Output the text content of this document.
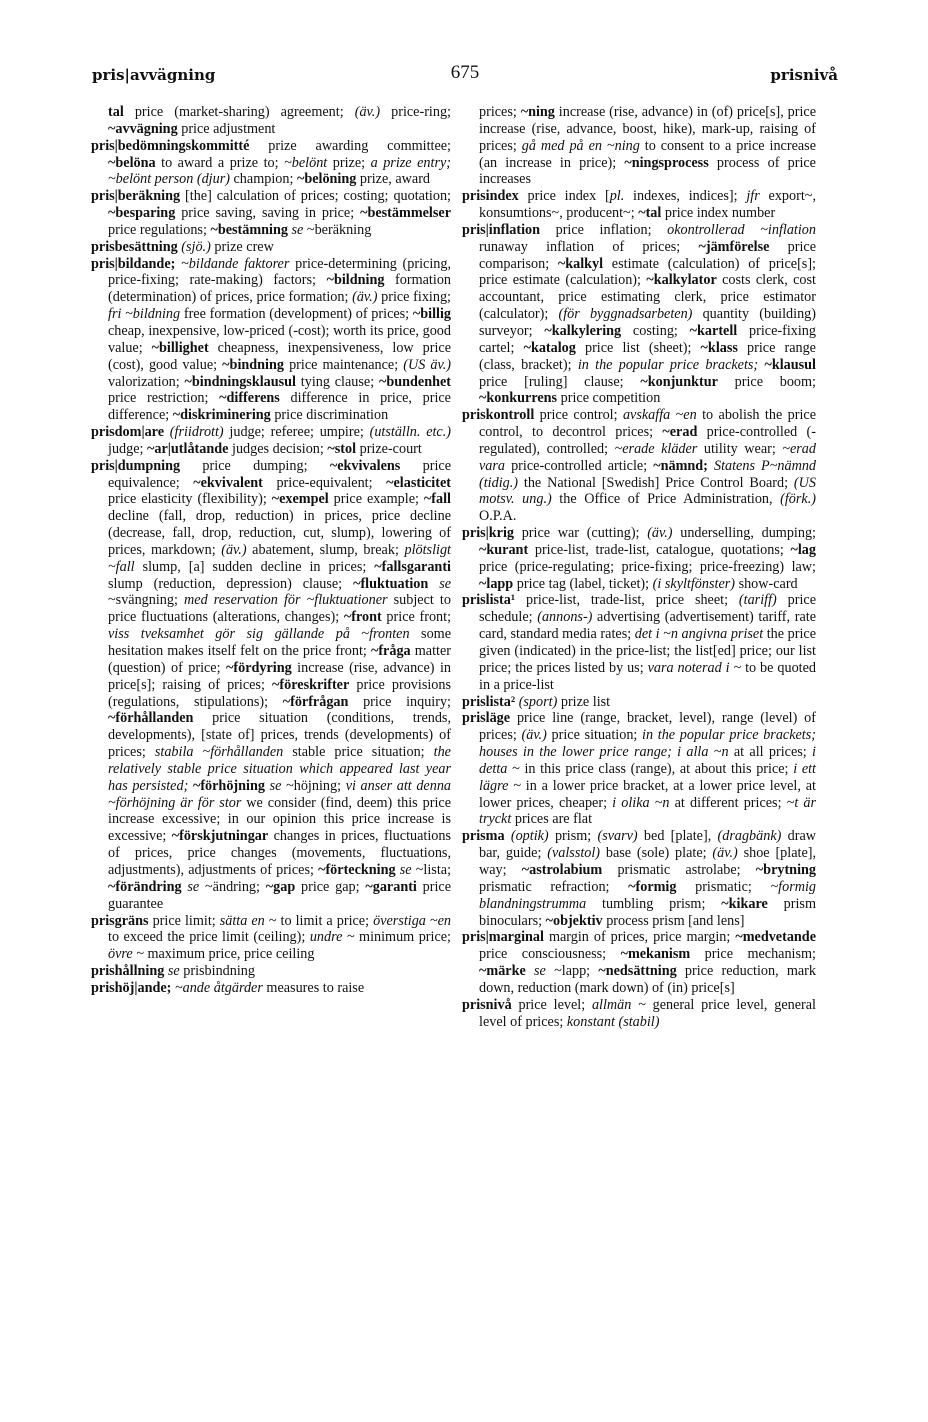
pris|avvägning	675	prisnivå

tal price (market-sharing) agreement; (äv.) price-ring; ~avvägning price adjustment

pris|bedömningskommitté prize awarding committee; ~belöna to award a prize to; ~belönt prize; a prize entry; ~belönt person (djur) champion; ~belöning prize, award

pris|beräkning [the] calculation of prices; costing; quotation; ~besparing price saving, saving in price; ~bestämmelser price regulations; ~bestämning se ~beräkning

prisbesättning (sjö.) prize crew

pris|bildande; ~bildande faktorer price-determining (pricing, price-fixing; rate-making) factors; ~bildning formation (determination) of prices, price formation; (äv.) price fixing; fri ~bildning free formation (development) of prices; ~billig cheap, inexpensive, low-priced (-cost); worth its price, good value; ~billighet cheapness, inexpensiveness, low price (cost), good value; ~bindning price maintenance; (US äv.) valorization; ~bindningsklausul tying clause; ~bundenhet price restriction; ~differens difference in price, price difference; ~diskriminering price discrimination

prisdom|are (friidrott) judge; referee; umpire; (utställn. etc.) judge; ~ar|utlåtande judges decision; ~stol prize-court

pris|dumpning price dumping; ~ekvivalens price equivalence; ~ekvivalent price-equivalent; ~elasticitet price elasticity (flexibility); ~exempel price example; ~fall decline (fall, drop, reduction) in prices, price decline (decrease, fall, drop, reduction, cut, slump), lowering of prices, markdown; (äv.) abatement, slump, break; plötsligt ~fall slump, [a] sudden decline in prices; ~fallsgaranti slump (reduction, depression) clause; ~fluktuation se ~svängning; med reservation för ~fluktuationer subject to price fluctuations (alterations, changes); ~front price front; viss tveksamhet gör sig gällande på ~fronten some hesitation makes itself felt on the price front; ~fråga matter (question) of price; ~fördyring increase (rise, advance) in price[s]; raising of prices; ~föreskrifter price provisions (regulations, stipulations); ~förfrågan price inquiry; ~förhållanden price situation (conditions, trends, developments), [state of] prices, trends (developments) of prices; stabila ~förhållanden stable price situation; the relatively stable price situation which appeared last year has persisted; ~förhöjning se ~höjning; vi anser att denna ~förhöjning är för stor we consider (find, deem) this price increase excessive; in our opinion this price increase is excessive; ~förskjutningar changes in prices, fluctuations of prices, price changes (movements, fluctuations, adjustments), adjustments of prices; ~förteckning se ~lista; ~förändring se ~ändring; ~gap price gap; ~garanti price guarantee

prisgräns price limit; sätta en ~ to limit a price; överstiga ~en to exceed the price limit (ceiling); undre ~ minimum price; övre ~ maximum price, price ceiling

prishållning se prisbindning

prishöj|ande; ~ande åtgärder measures to raise

prices; ~ning increase (rise, advance) in (of) price[s], price increase (rise, advance, boost, hike), mark-up, raising of prices; gå med på en ~ning to consent to a price increase (an increase in price); ~ningsprocess process of price increases

prisindex price index [pl. indexes, indices]; jfr export~, konsumtions~, producent~; ~tal price index number

pris|inflation price inflation; okontrollerad ~inflation runaway inflation of prices; ~jämförelse price comparison; ~kalkyl estimate (calculation) of price[s]; price estimate (calculation); ~kalkylator costs clerk, cost accountant, price estimating clerk, price estimator (calculator); (för byggnadsarbeten) quantity (building) surveyor; ~kalkylering costing; ~kartell price-fixing cartel; ~katalog price list (sheet); ~klass price range (class, bracket); in the popular price brackets; ~klausul price [ruling] clause; ~konjunktur price boom; ~konkurrens price competition

priskontroll price control; avskaffa ~en to abolish the price control, to decontrol prices; ~erad price-controlled (-regulated), controlled; ~erade kläder utility wear; ~erad vara price-controlled article; ~nämnd; Statens P~nämnd (tidig.) the National [Swedish] Price Control Board; (US motsv. ung.) the Office of Price Administration, (förk.) O.P.A.

pris|krig price war (cutting); (äv.) underselling, dumping; ~kurant price-list, trade-list, catalogue, quotations; ~lag price (price-regulating; price-fixing; price-freezing) law; ~lapp price tag (label, ticket); (i skyltfönster) show-card

prislista¹ price-list, trade-list, price sheet; (tariff) price schedule; (annons-) advertising (advertisement) tariff, rate card, standard media rates; det i ~n angivna priset the price given (indicated) in the price-list; the list[ed] price; our list price; the prices listed by us; vara noterad i ~ to be quoted in a price-list

prislista² (sport) prize list

prisläge price line (range, bracket, level), range (level) of prices; (äv.) price situation; in the popular price brackets; houses in the lower price range; i alla ~n at all prices; i detta ~ in this price class (range), at about this price; i ett lägre ~ in a lower price bracket, at a lower price level, at lower prices, cheaper; i olika ~n at different prices; ~t är tryckt prices are flat

prisma (optik) prism; (svarv) bed [plate], (dragbänk) draw bar, guide; (valsstol) base (sole) plate; (äv.) shoe [plate], way; ~astrolabium prismatic astrolabe; ~brytning prismatic refraction; ~formig prismatic; ~formig blandningstrumma tumbling prism; ~kikare prism binoculars; ~objektiv process prism [and lens]

pris|marginal margin of prices, price margin; ~medvetande price consciousness; ~mekanism price mechanism; ~märke se ~lapp; ~nedsättning price reduction, mark down, reduction (mark down) of (in) price[s]

prisnivå price level; allmän ~ general price level, general level of prices; konstant (stabil)
